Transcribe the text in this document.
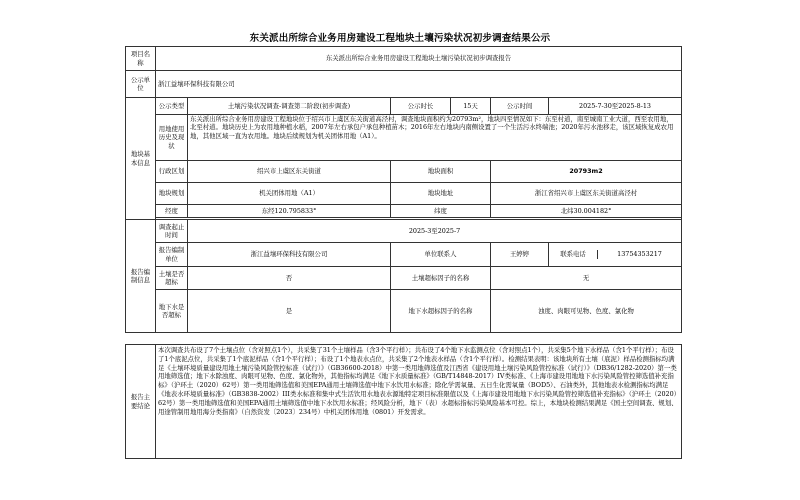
东关派出所综合业务用房建设工程地块土壤污染状况初步调查结果公示
项目名称	东关派出所综合业务用房建设工程地块土壤污染状况初步调查报告					
公示单位	浙江益壤环保科技有限公司					
地块基本信息	公示类型	土壤污染状况调查-调查第二阶段(初步调查)	公示时长	15天	公示时间	2025-7-30至2025-8-13
	用地使用历史及现状	东关派出所综合业务用房建设工程地块位于绍兴市上虞区东关街道高泾村，调查地块面积约为20793m²，地块四至情况如下：东至村道，南至城南工业大道，西至农用地，北至村道。地块历史上为农用地种植水稻，2007年左右承包户承包种植苗木；2016年左右地块内南侧设置了一个生活污水终端池；2020年污水池移走，该区域恢复成农用地，其他区域一直为农用地。地块后续规划为机关团体用地（A1）。				
	行政区划	绍兴市上虞区东关街道	地块面积		20793m2	
	地块规划	机关团体用地（A1）	地块地址		浙江省绍兴市上虞区东关街道高泾村	
	经度	东经120.795833°	纬度		北纬30.004182°	

报告编制信息	调查起止时间	2025-3至2025-7				
	报告编制单位	浙江益壤环保科技有限公司	单位联系人		王婷婷	联系电话 13754353217

	土壤是否超标	否	土壤超标因子的名称		无	
	地下水是否超标	是	地下水超标因子的名称		浊度、肉眼可见物、色度、氯化物	
报告主要结论	本次调查共布设了7个土壤点位（含对照点1个），共采集了31个土壤样品（含3个平行样）；共布设了4个地下水监测点位（含对照点1个），共采集5个地下水样品（含1个平行样）；布设了1个底泥点位，共采集了1个底泥样品（含1个平行样）；布设了1个地表水点位，共采集了2个地表水样品（含1个平行样）。检测结果表明：该地块所有土壤（底泥）样品检测指标均满足《土壤环境质量建设用地土壤污染风险管控标准（试行）》（GB36600-2018）中第一类用地筛选值及江西省《建设用地土壤污染风险管控标准（试行）》（DB36/1282-2020）第一类用地筛选值；地下水除浊度、肉眼可见物、色度、氯化物外，其他指标均满足《地下水质量标准》（GB/T14848-2017）IV类标准、《上海市建设用地地下水污染风险管控筛选值补充指标》（沪环土（2020）62号）第一类用地筛选值和美国EPA通用土壤筛选值中地下水饮用水标准；除化学需氧量、五日生化需氧量（BOD5）、石油类外，其他地表水检测指标均满足《地表水环境质量标准》（GB3838-2002）III类水标准和集中式生活饮用水地表水源地特定项目标准限值以及《上海市建设用地地下水污染风险管控筛选值补充指标》（沪环土（2020）62号）第一类用地筛选值和美国EPA通用土壤筛选值中地下水饮用水标准；经风险分析，地下（表）水超标指标污染风险基本可控。综上，本地块检测结果满足《国土空间调查、规划、用途管制用地用海分类指南》（自然资发〔2023〕234号）中机关团体用地（0801）开发需求。
